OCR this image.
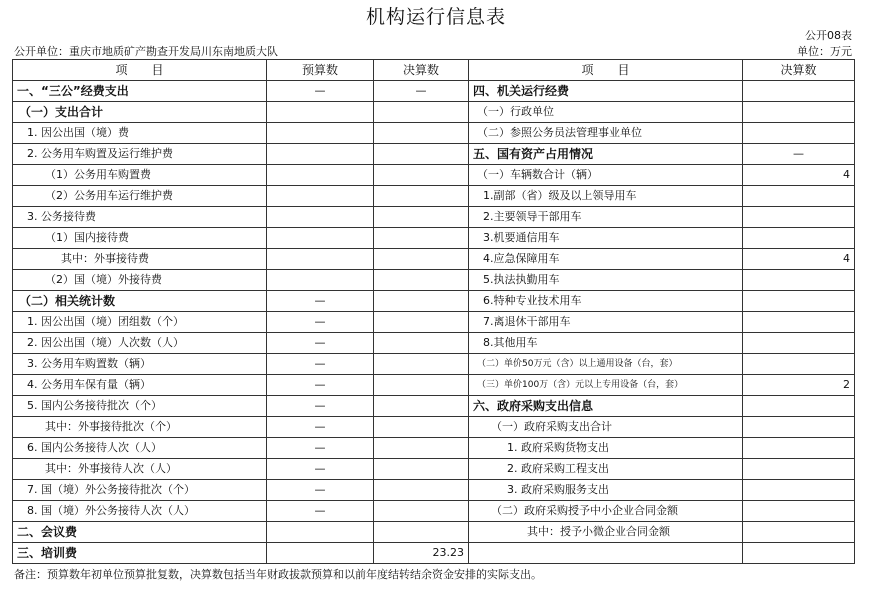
机构运行信息表
公开08表
公开单位：重庆市地质矿产勘查开发局川东南地质大队	单位：万元
项　　目	预算数	决算数	项　　目	决算数
一、“三公”经费支出	—	—	四、机关运行经费	
（一）支出合计			（一）行政单位	
1. 因公出国（境）费			（二）参照公务员法管理事业单位	
2. 公务用车购置及运行维护费			五、国有资产占用情况	—
（1）公务用车购置费			（一）车辆数合计（辆）	4
（2）公务用车运行维护费			1.副部（省）级及以上领导用车	
3. 公务接待费			2.主要领导干部用车	
（1）国内接待费			3.机要通信用车	
其中：外事接待费			4.应急保障用车	4
（2）国（境）外接待费			5.执法执勤用车	
（二）相关统计数	—		6.特种专业技术用车	
1. 因公出国（境）团组数（个）	—		7.离退休干部用车	
2. 因公出国（境）人次数（人）	—		8.其他用车	
3. 公务用车购置数（辆）	—		（二）单价50万元（含）以上通用设备（台，套）	
4. 公务用车保有量（辆）	—		（三）单价100万（含）元以上专用设备（台，套）	2
5. 国内公务接待批次（个）	—		六、政府采购支出信息	
其中：外事接待批次（个）	—		（一）政府采购支出合计	
6. 国内公务接待人次（人）	—		1. 政府采购货物支出	
其中：外事接待人次（人）	—		2. 政府采购工程支出	
7. 国（境）外公务接待批次（个）	—		3. 政府采购服务支出	
8. 国（境）外公务接待人次（人）	—		（二）政府采购授予中小企业合同金额	
二、会议费			其中：授予小微企业合同金额	
三、培训费		23.23		
备注：预算数年初单位预算批复数，决算数包括当年财政拔款预算和以前年度结转结余资金安排的实际支出。
